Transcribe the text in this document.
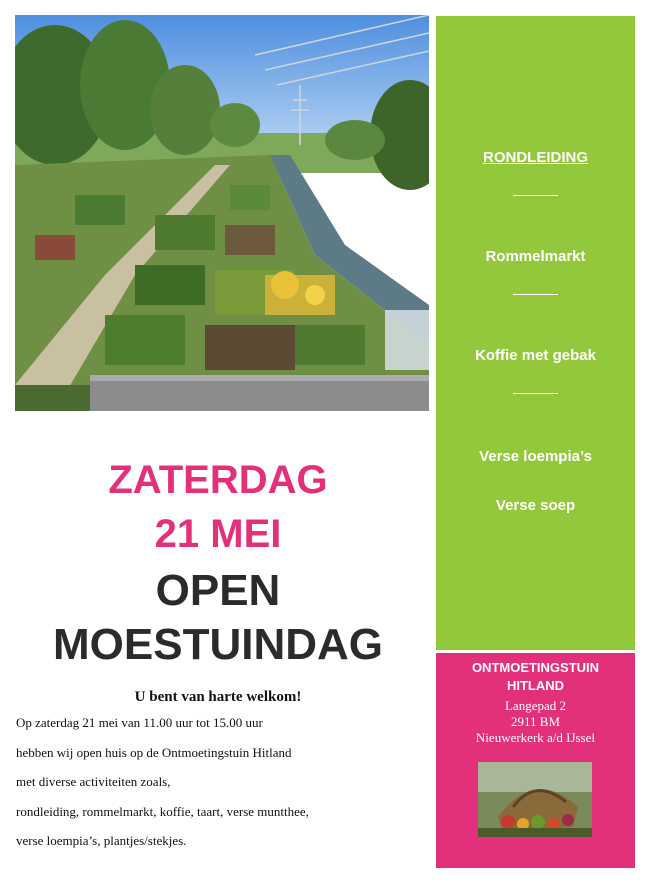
RONDLEIDING
Rommelmarkt
Koffie met gebak
Verse loempia’s
Verse soep
ONTMOETINGSTUIN
HITLAND
Langepad 2
2911 BM
Nieuwerkerk a/d IJssel
ZATERDAG
21 MEI
OPEN
MOESTUINDAG
U bent van harte welkom!
Op zaterdag 21 mei van 11.00 uur tot 15.00 uur
hebben wij open huis op de Ontmoetingstuin Hitland
met diverse activiteiten zoals,
rondleiding, rommelmarkt, koffie, taart, verse muntthee,
verse loempia’s, plantjes/stekjes.
